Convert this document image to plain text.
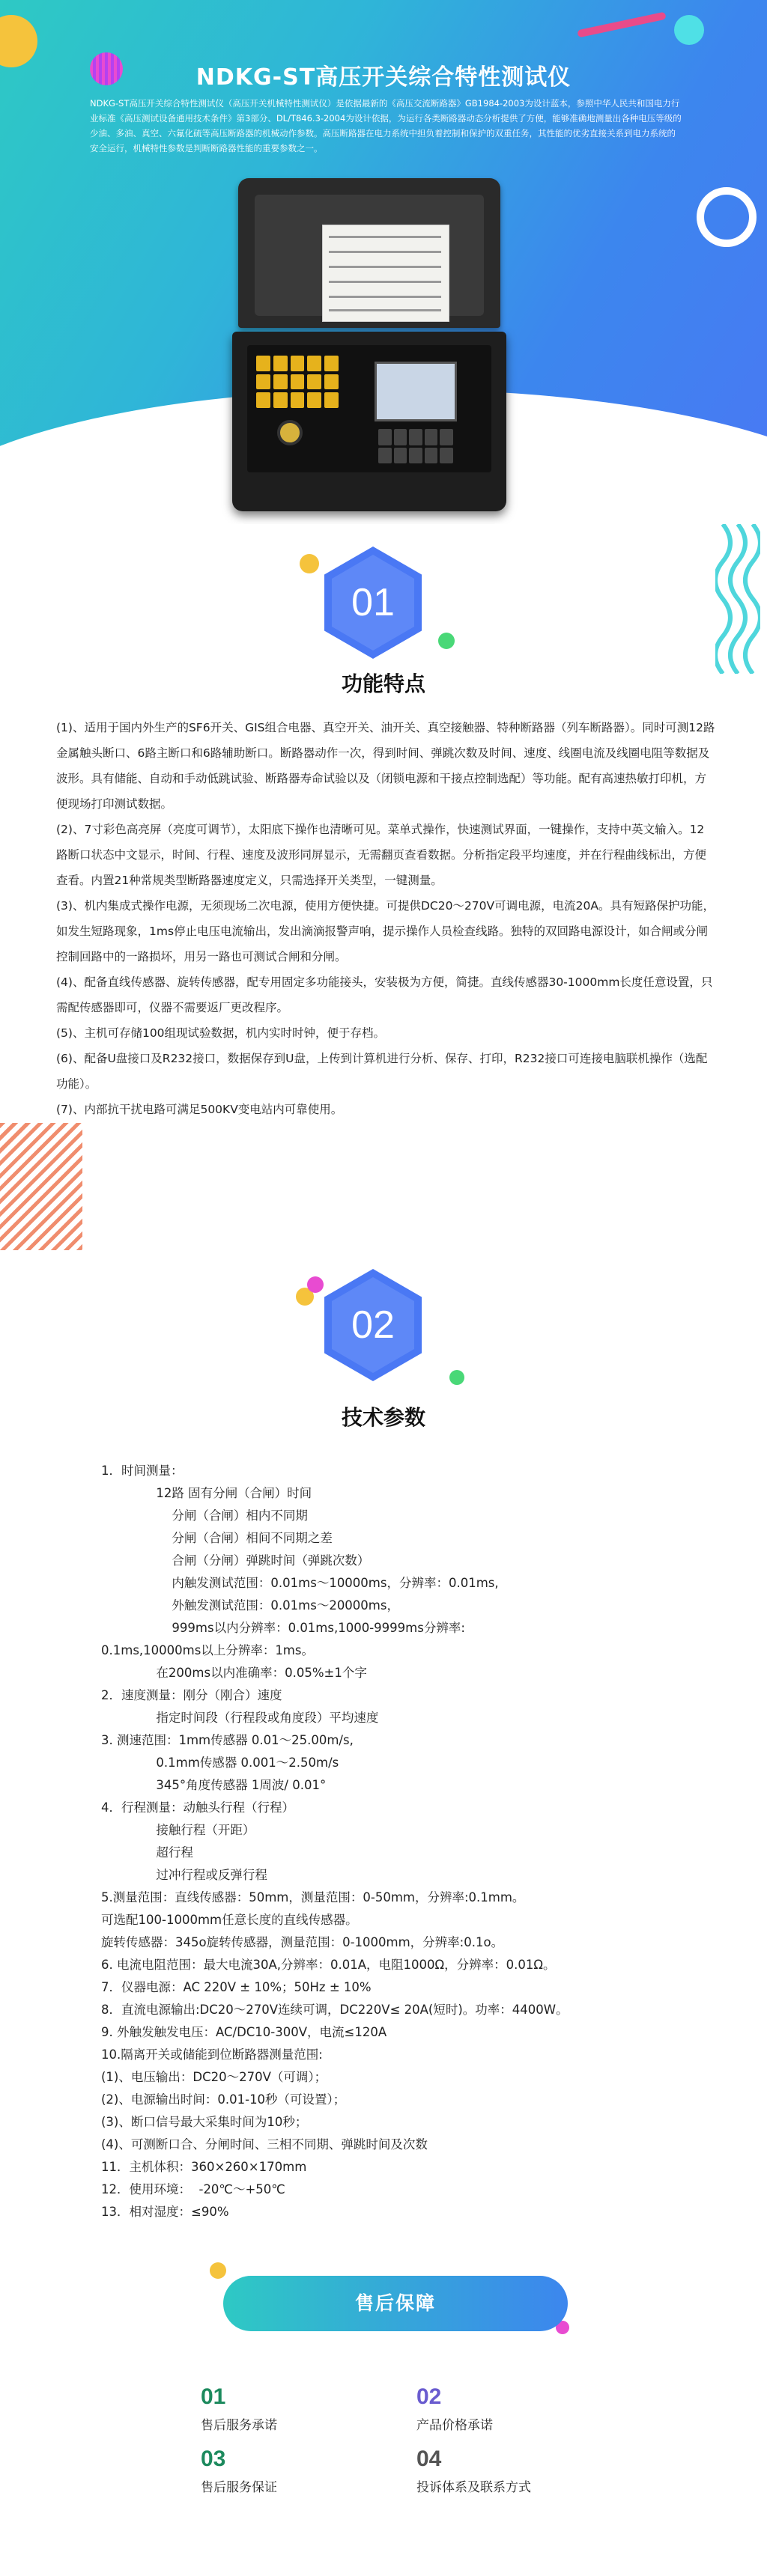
NDKG-ST高压开关综合特性测试仪
NDKG-ST高压开关综合特性测试仪（高压开关机械特性测试仪）是依据最新的《高压交流断路器》GB1984-2003为设计蓝本，参照中华人民共和国电力行业标准《高压测试设备通用技术条件》第3部分、DL/T846.3-2004为设计依据，为运行各类断路器动态分析提供了方便，能够准确地测量出各种电压等级的少油、多油、真空、六氟化硫等高压断路器的机械动作参数。高压断路器在电力系统中担负着控制和保护的双重任务，其性能的优劣直接关系到电力系统的安全运行，机械特性参数是判断断路器性能的重要参数之一。
01
功能特点

(1)、适用于国内外生产的SF6开关、GIS组合电器、真空开关、油开关、真空接触器、特种断路器（列车断路器）。同时可测12路金属触头断口、6路主断口和6路辅助断口。断路器动作一次，得到时间、弹跳次数及时间、速度、线圈电流及线圈电阻等数据及波形。具有储能、自动和手动低跳试验、断路器寿命试验以及（闭锁电源和干接点控制选配）等功能。配有高速热敏打印机，方便现场打印测试数据。

(2)、7寸彩色高亮屏（亮度可调节），太阳底下操作也清晰可见。菜单式操作，快速测试界面，一键操作，支持中英文输入。12路断口状态中文显示，时间、行程、速度及波形同屏显示，无需翻页查看数据。分析指定段平均速度，并在行程曲线标出，方便查看。内置21种常规类型断路器速度定义，只需选择开关类型，一键测量。

(3)、机内集成式操作电源，无须现场二次电源，使用方便快捷。可提供DC20～270V可调电源，电流20A。具有短路保护功能，如发生短路现象，1ms停止电压电流输出，发出滴滴报警声响，提示操作人员检查线路。独特的双回路电源设计，如合闸或分闸控制回路中的一路损坏，用另一路也可测试合闸和分闸。

(4)、配备直线传感器、旋转传感器，配专用固定多功能接头，安装极为方便，简捷。直线传感器30-1000mm长度任意设置，只需配传感器即可，仪器不需要返厂更改程序。

(5)、主机可存储100组现试验数据，机内实时时钟，便于存档。

(6)、配备U盘接口及R232接口，数据保存到U盘，上传到计算机进行分析、保存、打印，R232接口可连接电脑联机操作（选配功能）。

(7)、内部抗干扰电路可满足500KV变电站内可靠使用。

02
技术参数
1．时间测量：
12路 固有分闸（合闸）时间
分闸（合闸）相内不同期
分闸（合闸）相间不同期之差
合闸（分闸）弹跳时间（弹跳次数）
内触发测试范围：0.01ms～10000ms，分辨率：0.01ms,
外触发测试范围：0.01ms～20000ms，
999ms以内分辨率：0.01ms,1000-9999ms分辨率:
0.1ms,10000ms以上分辨率：1ms。
在200ms以内准确率：0.05%±1个字
2．速度测量：刚分（刚合）速度
指定时间段（行程段或角度段）平均速度
3. 测速范围：1mm传感器 0.01～25.00m/s,
0.1mm传感器 0.001～2.50m/s
345°角度传感器 1周波/ 0.01°
4．行程测量：动触头行程（行程）
接触行程（开距）
超行程
过冲行程或反弹行程
5.测量范围：直线传感器：50mm，测量范围：0-50mm，分辨率:0.1mm。
可选配100-1000mm任意长度的直线传感器。
旋转传感器：345o旋转传感器，测量范围：0-1000mm，分辨率:0.1o。
6. 电流电阻范围：最大电流30A,分辨率：0.01A，电阻1000Ω，分辨率：0.01Ω。
7．仪器电源：AC 220V ± 10%；50Hz ± 10%
8．直流电源输出:DC20～270V连续可调，DC220V≤ 20A(短时)。功率：4400W。
9. 外触发触发电压：AC/DC10-300V，电流≤120A
10.隔离开关或储能到位断路器测量范围:
(1)、电压输出：DC20～270V（可调）；
(2)、电源输出时间：0.01-10秒（可设置）；
(3)、断口信号最大采集时间为10秒；
(4)、可测断口合、分闸时间、三相不同期、弹跳时间及次数
11．主机体积：360×260×170mm
12．使用环境：  -20℃～+50℃
13．相对湿度：≤90%
售后保障
01
售后服务承诺
02
产品价格承诺
03
售后服务保证
04
投诉体系及联系方式
